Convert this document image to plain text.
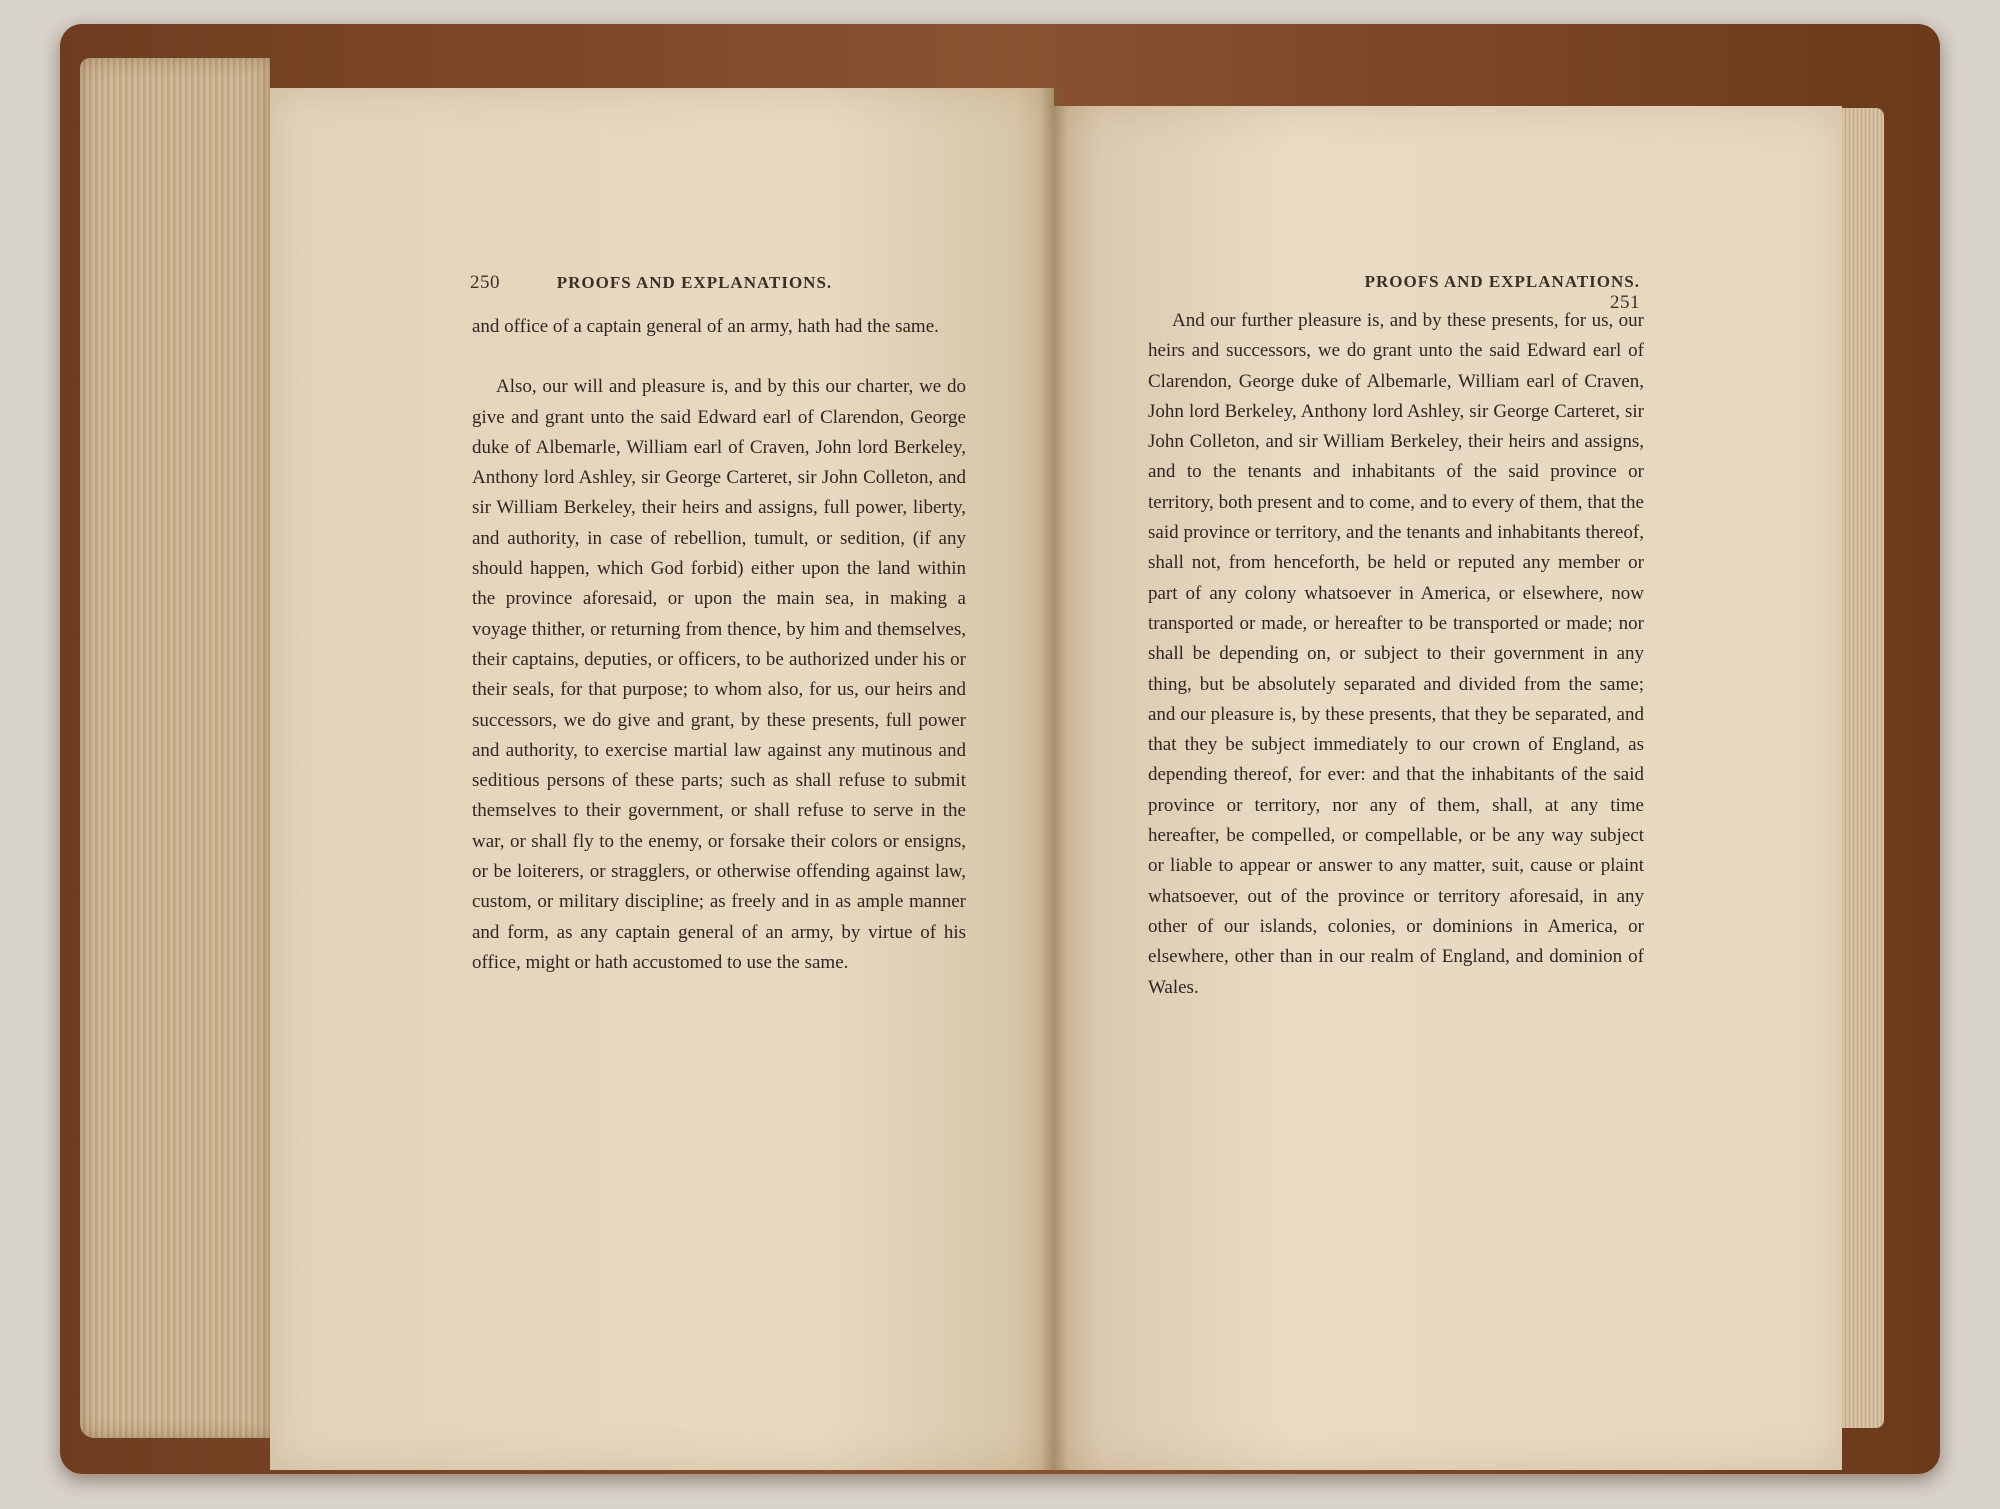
250	PROOFS AND EXPLANATIONS.	PROOFS AND EXPLANATIONS. 251

and office of a captain general of an army, hath had the same.

Also, our will and pleasure is, and by this our charter, we do give and grant unto the said Edward earl of Clarendon, George duke of Albemarle, William earl of Craven, John lord Berkeley, Anthony lord Ashley, sir George Carteret, sir John Colleton, and sir William Berkeley, their heirs and assigns, full power, liberty, and authority, in case of rebellion, tumult, or sedition, (if any should happen, which God forbid) either upon the land within the province aforesaid, or upon the main sea, in making a voyage thither, or returning from thence, by him and themselves, their captains, deputies, or officers, to be authorized under his or their seals, for that purpose; to whom also, for us, our heirs and successors, we do give and grant, by these presents, full power and authority, to exercise martial law against any mutinous and seditious persons of these parts; such as shall refuse to submit themselves to their government, or shall refuse to serve in the war, or shall fly to the enemy, or forsake their colors or ensigns, or be loiterers, or stragglers, or otherwise offending against law, custom, or military discipline; as freely and in as ample manner and form, as any captain general of an army, by virtue of his office, might or hath accustomed to use the same.

And our further pleasure is, and by these presents, for us, our heirs and successors, we do grant unto the said Edward earl of Clarendon, George duke of Albemarle, William earl of Craven, John lord Berkeley, Anthony lord Ashley, sir George Carteret, sir John Colleton, and sir William Berkeley, their heirs and assigns, and to the tenants and inhabitants of the said province or territory, both present and to come, and to every of them, that the said province or territory, and the tenants and inhabitants thereof, shall not, from henceforth, be held or reputed any member or part of any colony whatsoever in America, or elsewhere, now transported or made, or hereafter to be transported or made; nor shall be depending on, or subject to their government in any thing, but be absolutely separated and divided from the same; and our pleasure is, by these presents, that they be separated, and that they be subject immediately to our crown of England, as depending thereof, for ever: and that the inhabitants of the said province or territory, nor any of them, shall, at any time hereafter, be compelled, or compellable, or be any way subject or liable to appear or answer to any matter, suit, cause or plaint whatsoever, out of the province or territory aforesaid, in any other of our islands, colonies, or dominions in America, or elsewhere, other than in our realm of England, and dominion of Wales.
